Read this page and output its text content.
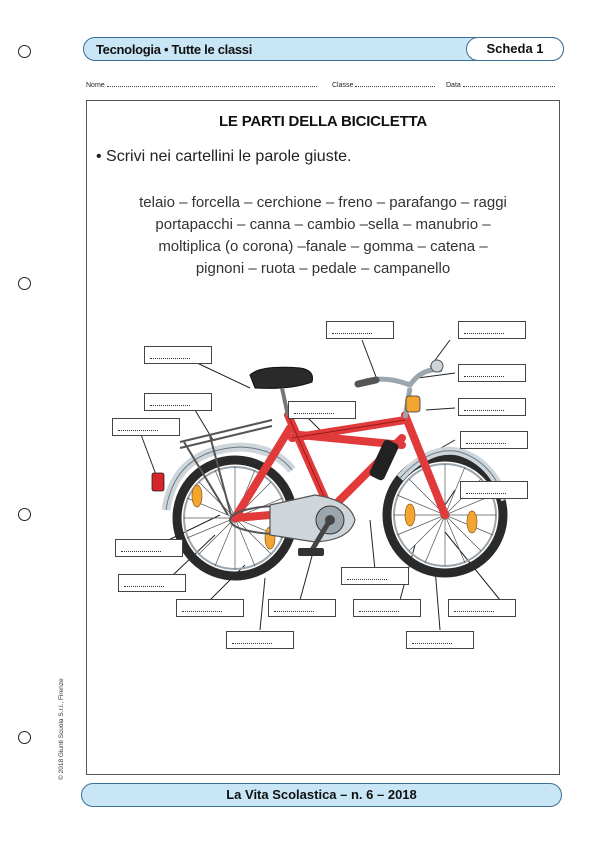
Tecnologia • Tutte le classi	Scheda 1
Nome	Classe	Data
LE PARTI DELLA BICICLETTA
• Scrivi nei cartellini le parole giuste.
telaio – forcella – cerchione – freno – parafango – raggi
portapacchi – canna – cambio –sella – manubrio –
moltiplica (o corona) –fanale – gomma – catena –
pignoni – ruota – pedale – campanello
© 2018 Giunti Scuola S.r.l., Firenze
La Vita Scolastica – n. 6 – 2018
